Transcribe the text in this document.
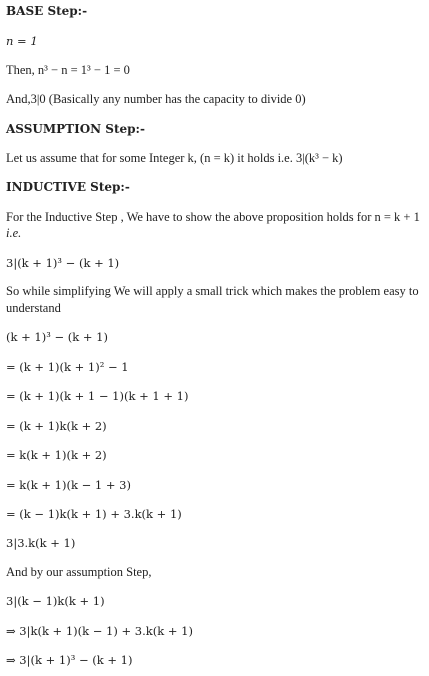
BASE Step:-
n = 1
Then, n³ − n = 1³ − 1 = 0
And,3|0 (Basically any number has the capacity to divide 0)
ASSUMPTION Step:-
Let us assume that for some Integer k, (n = k) it holds i.e. 3|(k³ − k)
INDUCTIVE Step:-
For the Inductive Step , We have to show the above proposition holds for n = k + 1
i.e.
3|(k + 1)³ − (k + 1)
So while simplifying We will apply a small trick which makes the problem easy to understand
(k + 1)³ − (k + 1)
= (k + 1)(k + 1)² − 1
= (k + 1)(k + 1 − 1)(k + 1 + 1)
= (k + 1)k(k + 2)
= k(k + 1)(k + 2)
= k(k + 1)(k − 1 + 3)
= (k − 1)k(k + 1) + 3.k(k + 1)
3|3.k(k + 1)
And by our assumption Step,
3|(k − 1)k(k + 1)
⇒ 3|k(k + 1)(k − 1) + 3.k(k + 1)
⇒ 3|(k + 1)³ − (k + 1)
